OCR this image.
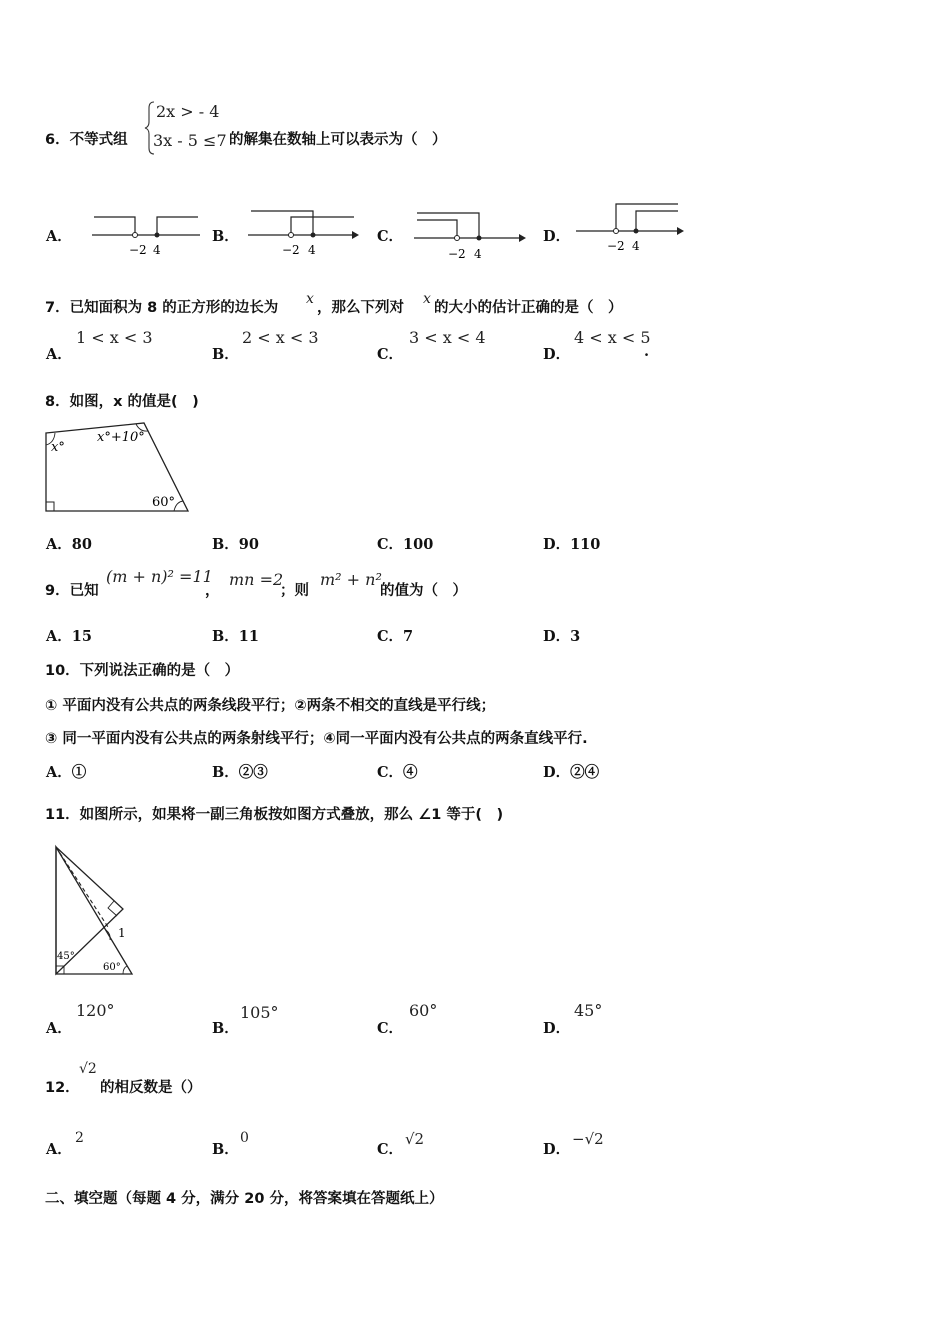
6．不等式组
2x > - 4
3x - 5 ≤7 的解集在数轴上可以表示为（　）
A．
−2 4
B．
−2 4
C．
−2 4
D．
−2 4
7．已知面积为 8 的正方形的边长为
x
，那么下列对
x
的大小的估计正确的是（　）
A．
1 < x < 3
B．
2 < x < 3
C．
3 < x < 4
D．
4 < x < 5
.
8．如图，x 的值是(　)
x°
x°+10°
60°
A．80	B．90	C．100	D．110
9．已知
(m + n)² =11
，
mn =2
；则
m² + n²
的值为（　）
A．15	B．11	C．7	D．3
10．下列说法正确的是（　）
① 平面内没有公共点的两条线段平行；②两条不相交的直线是平行线；
③ 同一平面内没有公共点的两条射线平行；④同一平面内没有公共点的两条直线平行.
A．①	B．②③	C．④	D．②④
11．如图所示，如果将一副三角板按如图方式叠放，那么 ∠1 等于(　)
1
45°
60°
A．
120°
B．
105°
C．
60°
D．
45°
12．
√2
的相反数是（）
A．
2
B．
0
C．
√2
D．
−√2
二、填空题（每题 4 分，满分 20 分，将答案填在答题纸上）
